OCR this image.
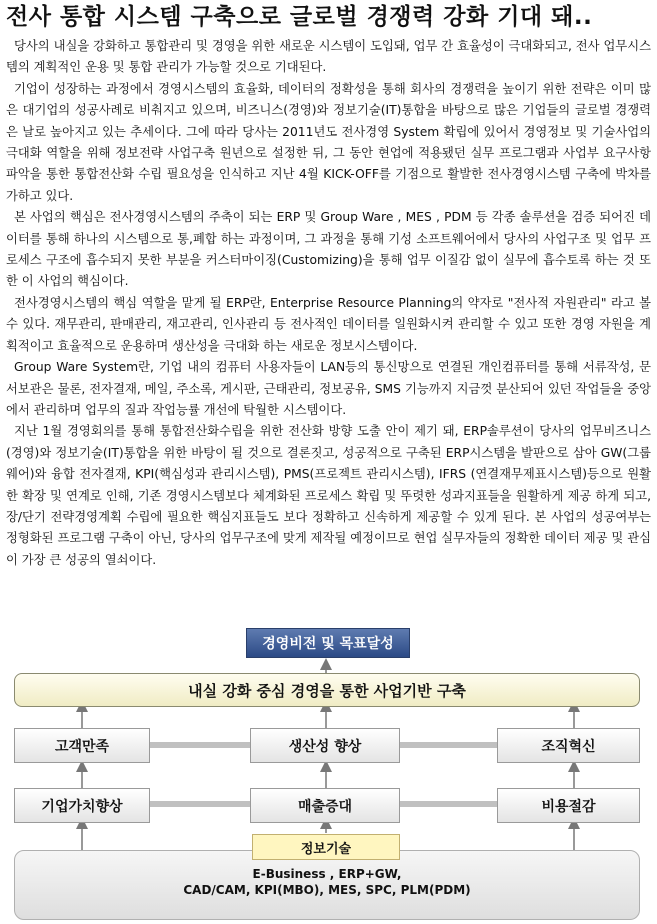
전사 통합 시스템 구축으로 글로벌 경쟁력 강화 기대 돼..

당사의 내실을 강화하고 통합관리 및 경영을 위한 새로운 시스템이 도입돼, 업무 간 효율성이 극대화되고, 전사 업무시스템의 계획적인 운용 및 통합 관리가 가능할 것으로 기대된다.

기업이 성장하는 과정에서 경영시스템의 효율화, 데이터의 정확성을 통해 회사의 경쟁력을 높이기 위한 전략은 이미 많은 대기업의 성공사례로 비춰지고 있으며, 비즈니스(경영)와 정보기술(IT)통합을 바탕으로 많은 기업들의 글로벌 경쟁력은 날로 높아지고 있는 추세이다. 그에 따라 당사는 2011년도 전사경영 System 확립에 있어서 경영정보 및 기술사업의 극대화 역할을 위해 정보전략 사업구축 원년으로 설정한 뒤, 그 동안 현업에 적용됐던 실무 프로그램과 사업부 요구사항 파악을 통한 통합전산화 수립 필요성을 인식하고 지난 4월 KICK-OFF를 기점으로 활발한 전사경영시스템 구축에 박차를 가하고 있다.

본 사업의 핵심은 전사경영시스템의 주축이 되는 ERP 및 Group Ware , MES , PDM 등 각종 솔루션을 검증 되어진 데이터를 통해 하나의 시스템으로 통,폐합 하는 과정이며, 그 과정을 통해 기성 소프트웨어에서 당사의 사업구조 및 업무 프로세스 구조에 흡수되지 못한 부분을 커스터마이징(Customizing)을 통해 업무 이질감 없이 실무에 흡수토록 하는 것 또한 이 사업의 핵심이다.

전사경영시스템의 핵심 역할을 맡게 될 ERP란, Enterprise Resource Planning의 약자로 "전사적 자원관리" 라고 볼 수 있다. 재무관리, 판매관리, 재고관리, 인사관리 등 전사적인 데이터를 일원화시켜 관리할 수 있고 또한 경영 자원을 계획적이고 효율적으로 운용하며 생산성을 극대화 하는 새로운 정보시스템이다.

Group Ware System란, 기업 내의 컴퓨터 사용자들이 LAN등의 통신망으로 연결된 개인컴퓨터를 통해 서류작성, 문서보관은 물론, 전자결재, 메일, 주소록, 게시판, 근태관리, 정보공유, SMS 기능까지 지금껏 분산되어 있던 작업들을 중앙에서 관리하며 업무의 질과 작업능률 개선에 탁월한 시스템이다.

지난 1월 경영회의를 통해 통합전산화수립을 위한 전산화 방향 도출 안이 제기 돼, ERP솔루션이 당사의 업무비즈니스(경영)와 정보기술(IT)통합을 위한 바탕이 될 것으로 결론짓고, 성공적으로 구축된 ERP시스템을 발판으로 삼아 GW(그룹웨어)와 융합 전자결재, KPI(핵심성과 관리시스템), PMS(프로젝트 관리시스템), IFRS (연결재무제표시스템)등으로 원활한 확장 및 연계로 인해, 기존 경영시스템보다 체계화된 프로세스 확립 및 뚜렷한 성과지표들을 원활하게 제공 하게 되고, 장/단기 전략경영계획 수립에 필요한 핵심지표들도 보다 정확하고 신속하게 제공할 수 있게 된다. 본 사업의 성공여부는 정형화된 프로그램 구축이 아닌, 당사의 업무구조에 맞게 제작될 예정이므로 현업 실무자들의 정확한 데이터 제공 및 관심이 가장 큰 성공의 열쇠이다.

경영비전 및 목표달성
내실 강화 중심 경영을 통한 사업기반 구축
고객만족	생산성 향상	조직혁신
기업가치향상	매출증대	비용절감
정보기술
E-Business , ERP+GW,
CAD/CAM, KPI(MBO), MES, SPC, PLM(PDM)
